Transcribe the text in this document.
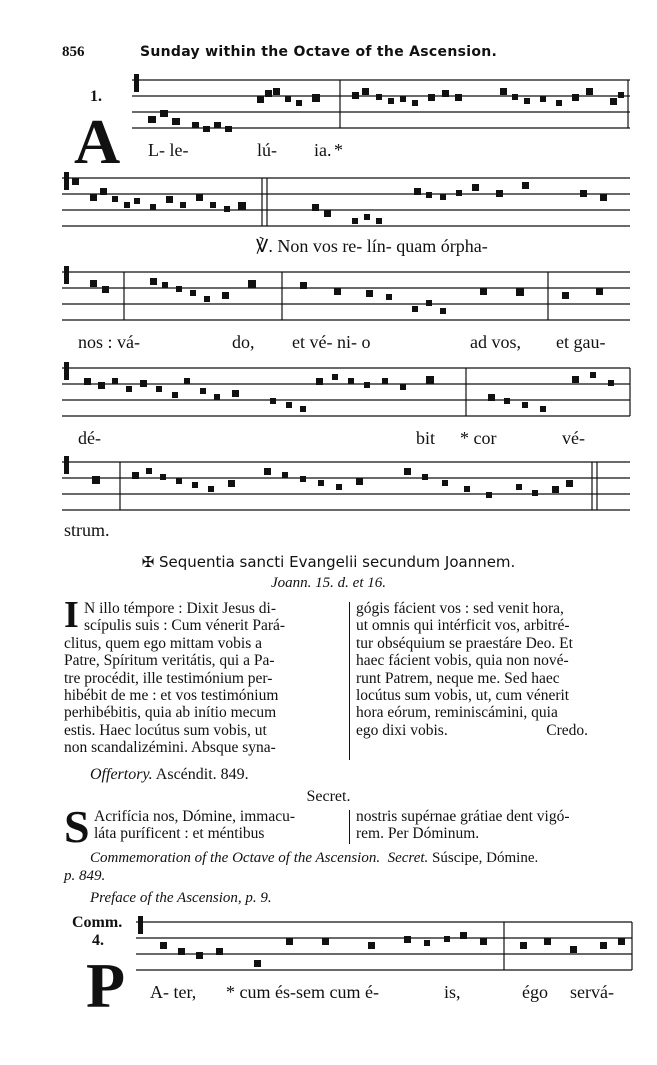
856	Sunday within the Octave of the Ascension.
1.
A L- le-	lú- ia. *
℣. Non vos re- lín- quam órpha-
nos : vá-	do, et vé- ni- o	ad vos, et gau-
dé-	bit * cor	vé-
strum.
✠ Sequentia sancti Evangelii secundum Joannem.
Joann. 15. d. et 16.
I N illo témpore : Dixit Jesus di-
scípulis suis : Cum vénerit Pará-
clitus, quem ego mittam vobis a
Patre, Spíritum veritátis, qui a Pa-
tre procédit, ille testimónium per-
hibébit de me : et vos testimónium
perhibébitis, quia ab inítio mecum
estis. Haec locútus sum vobis, ut
non scandalizémini. Absque syna-
gógis fácient vos : sed venit hora,
ut omnis qui intérficit vos, arbitré-
tur obséquium se praestáre Deo. Et
haec fácient vobis, quia non nové-
runt Patrem, neque me. Sed haec
locútus sum vobis, ut, cum vénerit
hora eórum, reminiscámini, quia
ego dixi vobis.	Credo.
Offertory. Ascéndit. 849.
Secret.
S Acrifícia nos, Dómine, immacu-
láta puríficent : et méntibus
nostris supérnae grátiae dent vigó-
rem. Per Dóminum.
Commemoration of the Octave of the Ascension. Secret. Súscipe, Dómine.
p. 849.
Preface of the Ascension, p. 9.
Comm.
4.
P A- ter, * cum és-sem cum é-	is,	égo servá-
